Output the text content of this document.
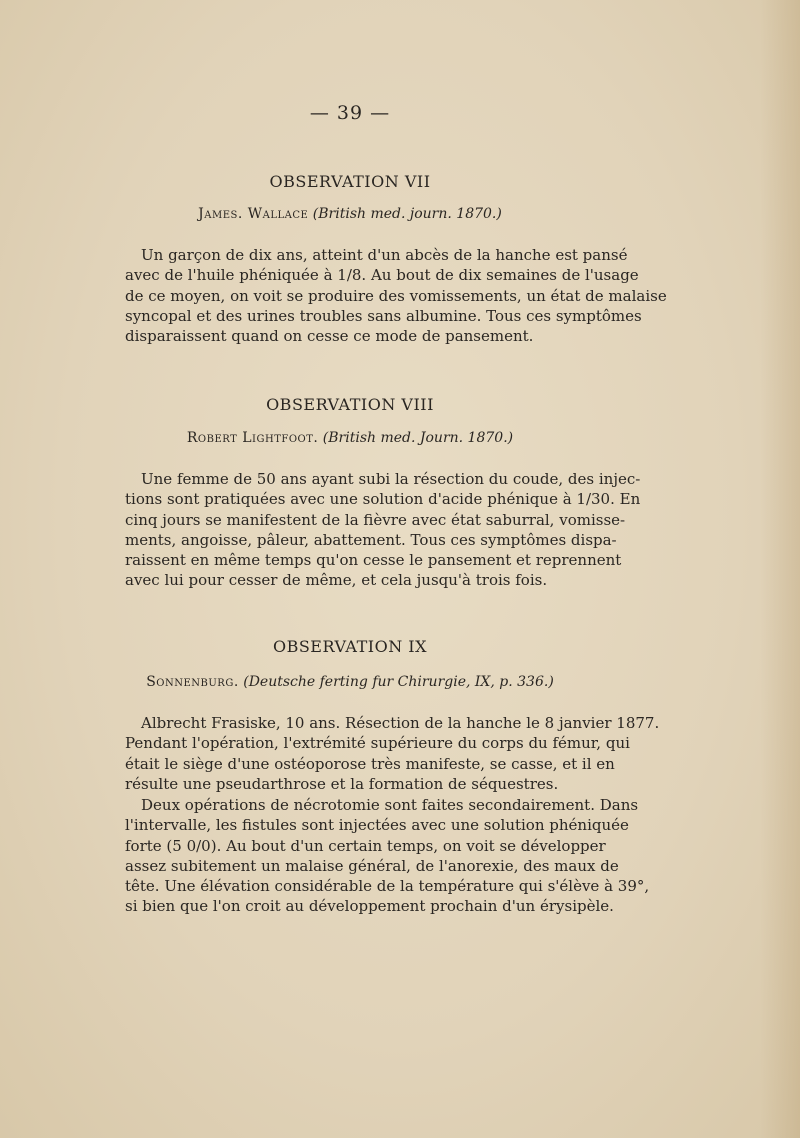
— 39 —
OBSERVATION VII
James. Wallace (British med. journ. 1870.)
Un garçon de dix ans, atteint d'un abcès de la hanche est pansé
avec de l'huile phéniquée à 1/8. Au bout de dix semaines de l'usage
de ce moyen, on voit se produire des vomissements, un état de malaise
syncopal et des urines troubles sans albumine. Tous ces symptômes
disparaissent quand on cesse ce mode de pansement.
OBSERVATION VIII
Robert Lightfoot. (British med. Journ. 1870.)
Une femme de 50 ans ayant subi la résection du coude, des injec-
tions sont pratiquées avec une solution d'acide phénique à 1/30. En
cinq jours se manifestent de la fièvre avec état saburral, vomisse-
ments, angoisse, pâleur, abattement. Tous ces symptômes dispa-
raissent en même temps qu'on cesse le pansement et reprennent
avec lui pour cesser de même, et cela jusqu'à trois fois.
OBSERVATION IX
Sonnenburg. (Deutsche ferting fur Chirurgie, IX, p. 336.)
Albrecht Frasiske, 10 ans. Résection de la hanche le 8 janvier 1877.
Pendant l'opération, l'extrémité supérieure du corps du fémur, qui
était le siège d'une ostéoporose très manifeste, se casse, et il en
résulte une pseudarthrose et la formation de séquestres.
Deux opérations de nécrotomie sont faites secondairement. Dans
l'intervalle, les fistules sont injectées avec une solution phéniquée
forte (5 0/0). Au bout d'un certain temps, on voit se développer
assez subitement un malaise général, de l'anorexie, des maux de
tête. Une élévation considérable de la température qui s'élève à 39°,
si bien que l'on croit au développement prochain d'un érysipèle.
